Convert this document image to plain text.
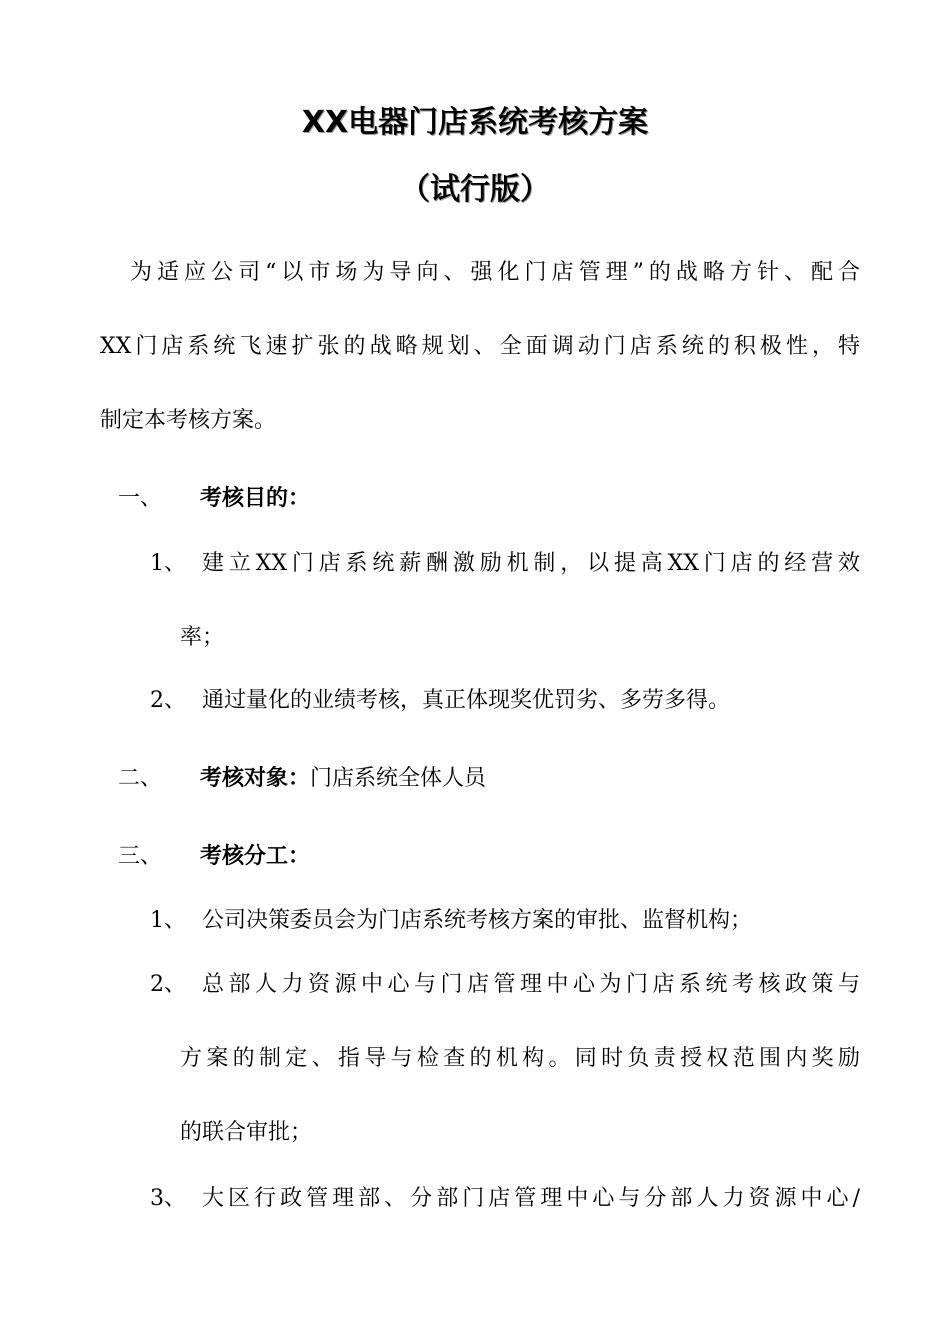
XX电器门店系统考核方案
（试行版）
为适应公司“以市场为导向、强化门店管理”的战略方针、配合
XX门店系统飞速扩张的战略规划、全面调动门店系统的积极性，特
制定本考核方案。
一、 考核目的：
1、 建立XX门店系统薪酬激励机制，以提高XX门店的经营效
率；
2、 通过量化的业绩考核，真正体现奖优罚劣、多劳多得。
二、 考核对象：门店系统全体人员
三、 考核分工：
1、 公司决策委员会为门店系统考核方案的审批、监督机构；
2、 总部人力资源中心与门店管理中心为门店系统考核政策与
方案的制定、指导与检查的机构。同时负责授权范围内奖励
的联合审批；
3、 大区行政管理部、分部门店管理中心与分部人力资源中心/
